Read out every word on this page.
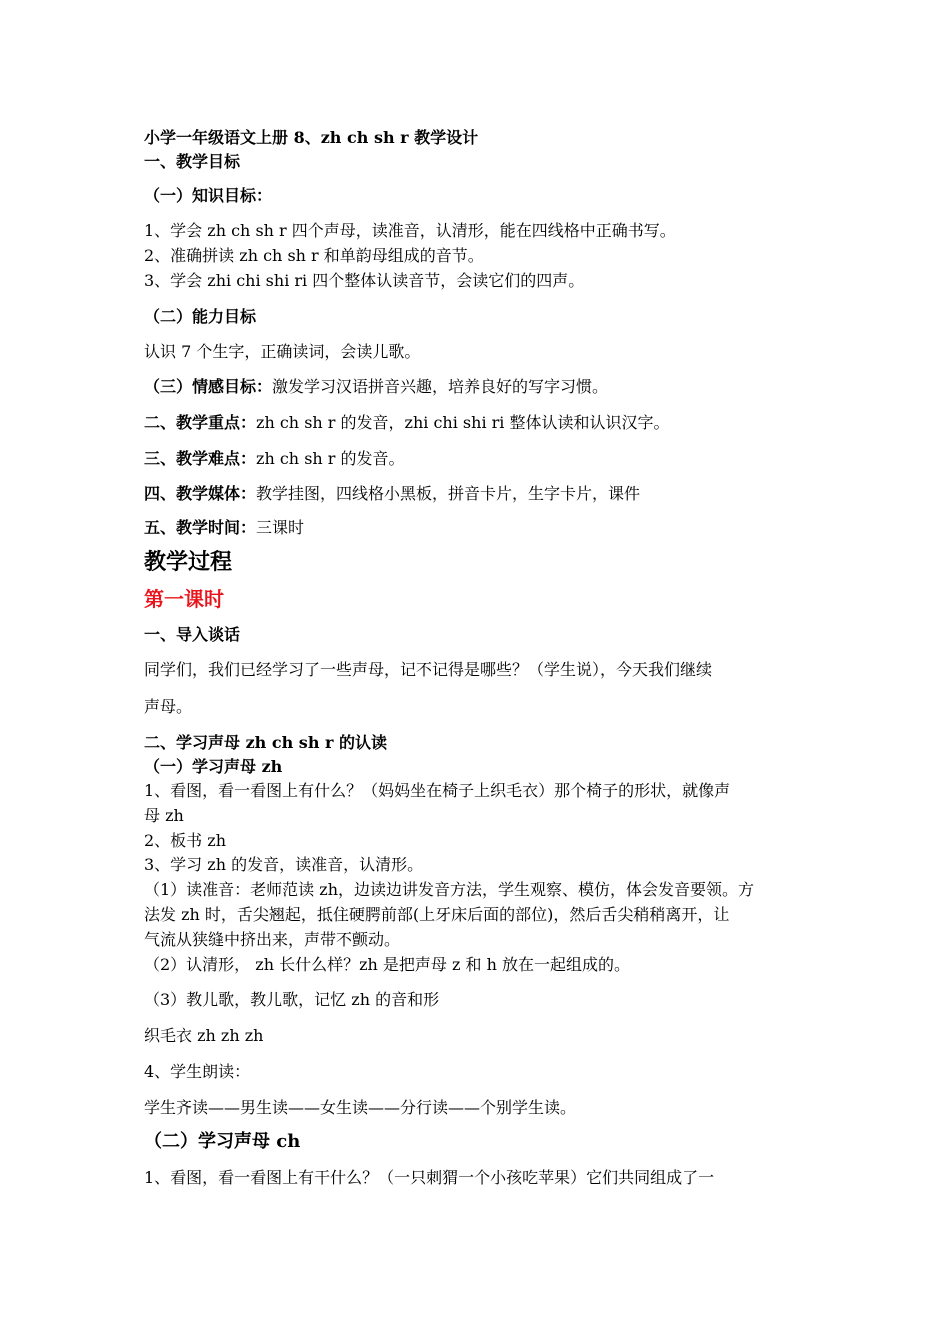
小学一年级语文上册 8、zh ch sh r 教学设计
一、教学目标
（一）知识目标：
1、学会 zh ch sh r 四个声母，读准音，认清形，能在四线格中正确书写。
2、准确拼读 zh ch sh r 和单韵母组成的音节。
3、学会 zhi chi shi ri 四个整体认读音节，会读它们的四声。
（二）能力目标
认识 7 个生字，正确读词，会读儿歌。
（三）情感目标：激发学习汉语拼音兴趣，培养良好的写字习惯。
二、教学重点：zh ch sh r 的发音，zhi chi shi ri 整体认读和认识汉字。
三、教学难点：zh ch sh r 的发音。
四、教学媒体：教学挂图，四线格小黑板，拼音卡片，生字卡片，课件
五、教学时间：三课时
教学过程
第一课时
一、导入谈话
同学们，我们已经学习了一些声母，记不记得是哪些？（学生说），今天我们继续
声母。
二、学习声母 zh ch sh r 的认读
（一）学习声母 zh
1、看图，看一看图上有什么？（妈妈坐在椅子上织毛衣）那个椅子的形状，就像声
母 zh
2、板书 zh
3、学习 zh 的发音，读准音，认清形。
（1）读准音：老师范读 zh，边读边讲发音方法，学生观察、模仿，体会发音要领。方
法发 zh 时，舌尖翘起，抵住硬腭前部(上牙床后面的部位)，然后舌尖稍稍离开，让
气流从狭缝中挤出来，声带不颤动。
（2）认清形， zh 长什么样？zh 是把声母 z 和 h 放在一起组成的。
（3）教儿歌，教儿歌，记忆 zh 的音和形
织毛衣 zh zh zh
4、学生朗读：
学生齐读——男生读——女生读——分行读——个别学生读。
（二）学习声母 ch
1、看图，看一看图上有干什么？（一只刺猬一个小孩吃苹果）它们共同组成了一
